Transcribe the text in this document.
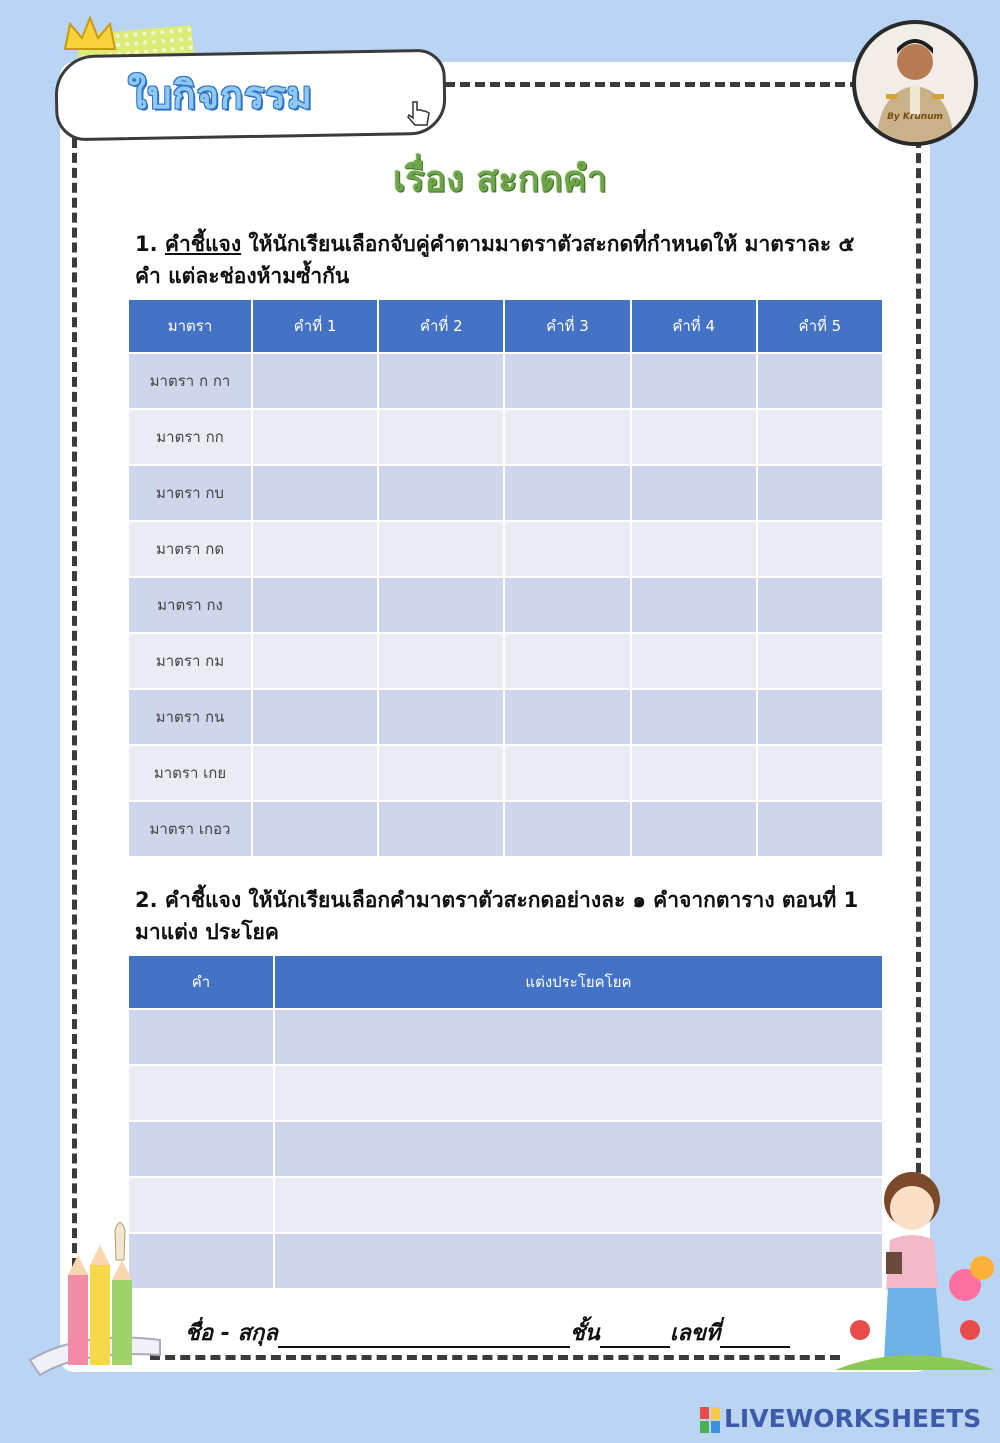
ใบกิจกรรม	By Krunum
เรื่อง สะกดคำ
1. คำชี้แจง ให้นักเรียนเลือกจับคู่คำตามมาตราตัวสะกดที่กำหนดให้ มาตราละ ๕ คำ แต่ละช่องห้ามซ้ำกัน
มาตรา	คำที่ 1	คำที่ 2	คำที่ 3	คำที่ 4	คำที่ 5
มาตรา ก กา					
มาตรา กก					
มาตรา กบ					
มาตรา กด					
มาตรา กง					
มาตรา กม					
มาตรา กน					
มาตรา เกย					
มาตรา เกอว					
2. คำชี้แจง ให้นักเรียนเลือกคำมาตราตัวสะกดอย่างละ ๑ คำจากตาราง ตอนที่ 1 มาแต่ง ประโยค
คำ	แต่งประโยคโยค

ชื่อ - สกุล	ชั้น	เลขที่
LIVEWORKSHEETS
